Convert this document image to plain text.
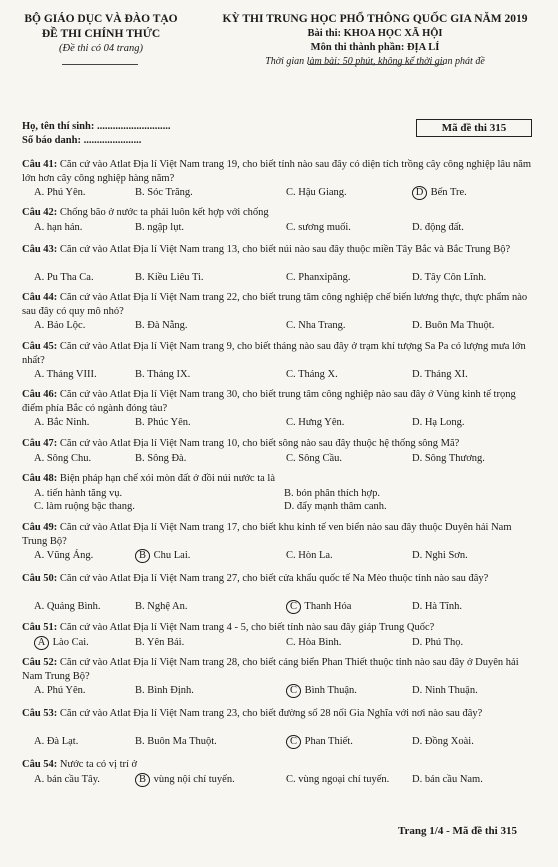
BỘ GIÁO DỤC VÀ ĐÀO TẠO
ĐỀ THI CHÍNH THỨC
(Đề thi có 04 trang)
KỲ THI TRUNG HỌC PHỔ THÔNG QUỐC GIA NĂM 2019
Bài thi: KHOA HỌC XÃ HỘI
Môn thi thành phần: ĐỊA LÍ
Thời gian làm bài: 50 phút, không kể thời gian phát đề
Họ, tên thí sinh: ............................
Số báo danh: ......................
Mã đề thi 315
Câu 41: Căn cứ vào Atlat Địa lí Việt Nam trang 19, cho biết tỉnh nào sau đây có diện tích trồng cây công nghiệp lâu năm lớn hơn cây công nghiệp hàng năm?
A. Phú Yên.	B. Sóc Trăng.	C. Hậu Giang.	D Bến Tre.
Câu 42: Chống bão ở nước ta phải luôn kết hợp với chống
A. hạn hán.	B. ngập lụt.	C. sương muối.	D. động đất.
Câu 43: Căn cứ vào Atlat Địa lí Việt Nam trang 13, cho biết núi nào sau đây thuộc miền Tây Bắc và Bắc Trung Bộ?
A. Pu Tha Ca.	B. Kiều Liêu Ti.	C. Phanxipăng.	D. Tây Côn Lĩnh.
Câu 44: Căn cứ vào Atlat Địa lí Việt Nam trang 22, cho biết trung tâm công nghiệp chế biến lương thực, thực phẩm nào sau đây có quy mô nhỏ?
A. Bảo Lộc.	B. Đà Nẵng.	C. Nha Trang.	D. Buôn Ma Thuột.
Câu 45: Căn cứ vào Atlat Địa lí Việt Nam trang 9, cho biết tháng nào sau đây ở trạm khí tượng Sa Pa có lượng mưa lớn nhất?
A. Tháng VIII.	B. Tháng IX.	C. Tháng X.	D. Tháng XI.
Câu 46: Căn cứ vào Atlat Địa lí Việt Nam trang 30, cho biết trung tâm công nghiệp nào sau đây ở Vùng kinh tế trọng điểm phía Bắc có ngành đóng tàu?
A. Bắc Ninh.	B. Phúc Yên.	C. Hưng Yên.	D. Hạ Long.
Câu 47: Căn cứ vào Atlat Địa lí Việt Nam trang 10, cho biết sông nào sau đây thuộc hệ thống sông Mã?
A. Sông Chu.	B. Sông Đà.	C. Sông Cầu.	D. Sông Thương.
Câu 48: Biện pháp hạn chế xói mòn đất ở đồi núi nước ta là
A. tiến hành tăng vụ.	B. bón phân thích hợp.
C. làm ruộng bậc thang.	D. đẩy mạnh thâm canh.
Câu 49: Căn cứ vào Atlat Địa lí Việt Nam trang 17, cho biết khu kinh tế ven biển nào sau đây thuộc Duyên hải Nam Trung Bộ?
A. Vũng Áng.	B Chu Lai.	C. Hòn La.	D. Nghi Sơn.
Câu 50: Căn cứ vào Atlat Địa lí Việt Nam trang 27, cho biết cửa khẩu quốc tế Na Mèo thuộc tỉnh nào sau đây?
A. Quảng Bình.	B. Nghệ An.	C Thanh Hóa	D. Hà Tĩnh.
Câu 51: Căn cứ vào Atlat Địa lí Việt Nam trang 4 - 5, cho biết tỉnh nào sau đây giáp Trung Quốc?
A Lào Cai.	B. Yên Bái.	C. Hòa Bình.	D. Phú Thọ.
Câu 52: Căn cứ vào Atlat Địa lí Việt Nam trang 28, cho biết cảng biển Phan Thiết thuộc tỉnh nào sau đây ở Duyên hải Nam Trung Bộ?
A. Phú Yên.	B. Bình Định.	C Bình Thuận.	D. Ninh Thuận.
Câu 53: Căn cứ vào Atlat Địa lí Việt Nam trang 23, cho biết đường số 28 nối Gia Nghĩa với nơi nào sau đây?
A. Đà Lạt.	B. Buôn Ma Thuột.	C Phan Thiết.	D. Đồng Xoài.
Câu 54: Nước ta có vị trí ở
A. bán cầu Tây.	B vùng nội chí tuyến.	C. vùng ngoại chí tuyến. D. bán cầu Nam.
Trang 1/4 - Mã đề thi 315
